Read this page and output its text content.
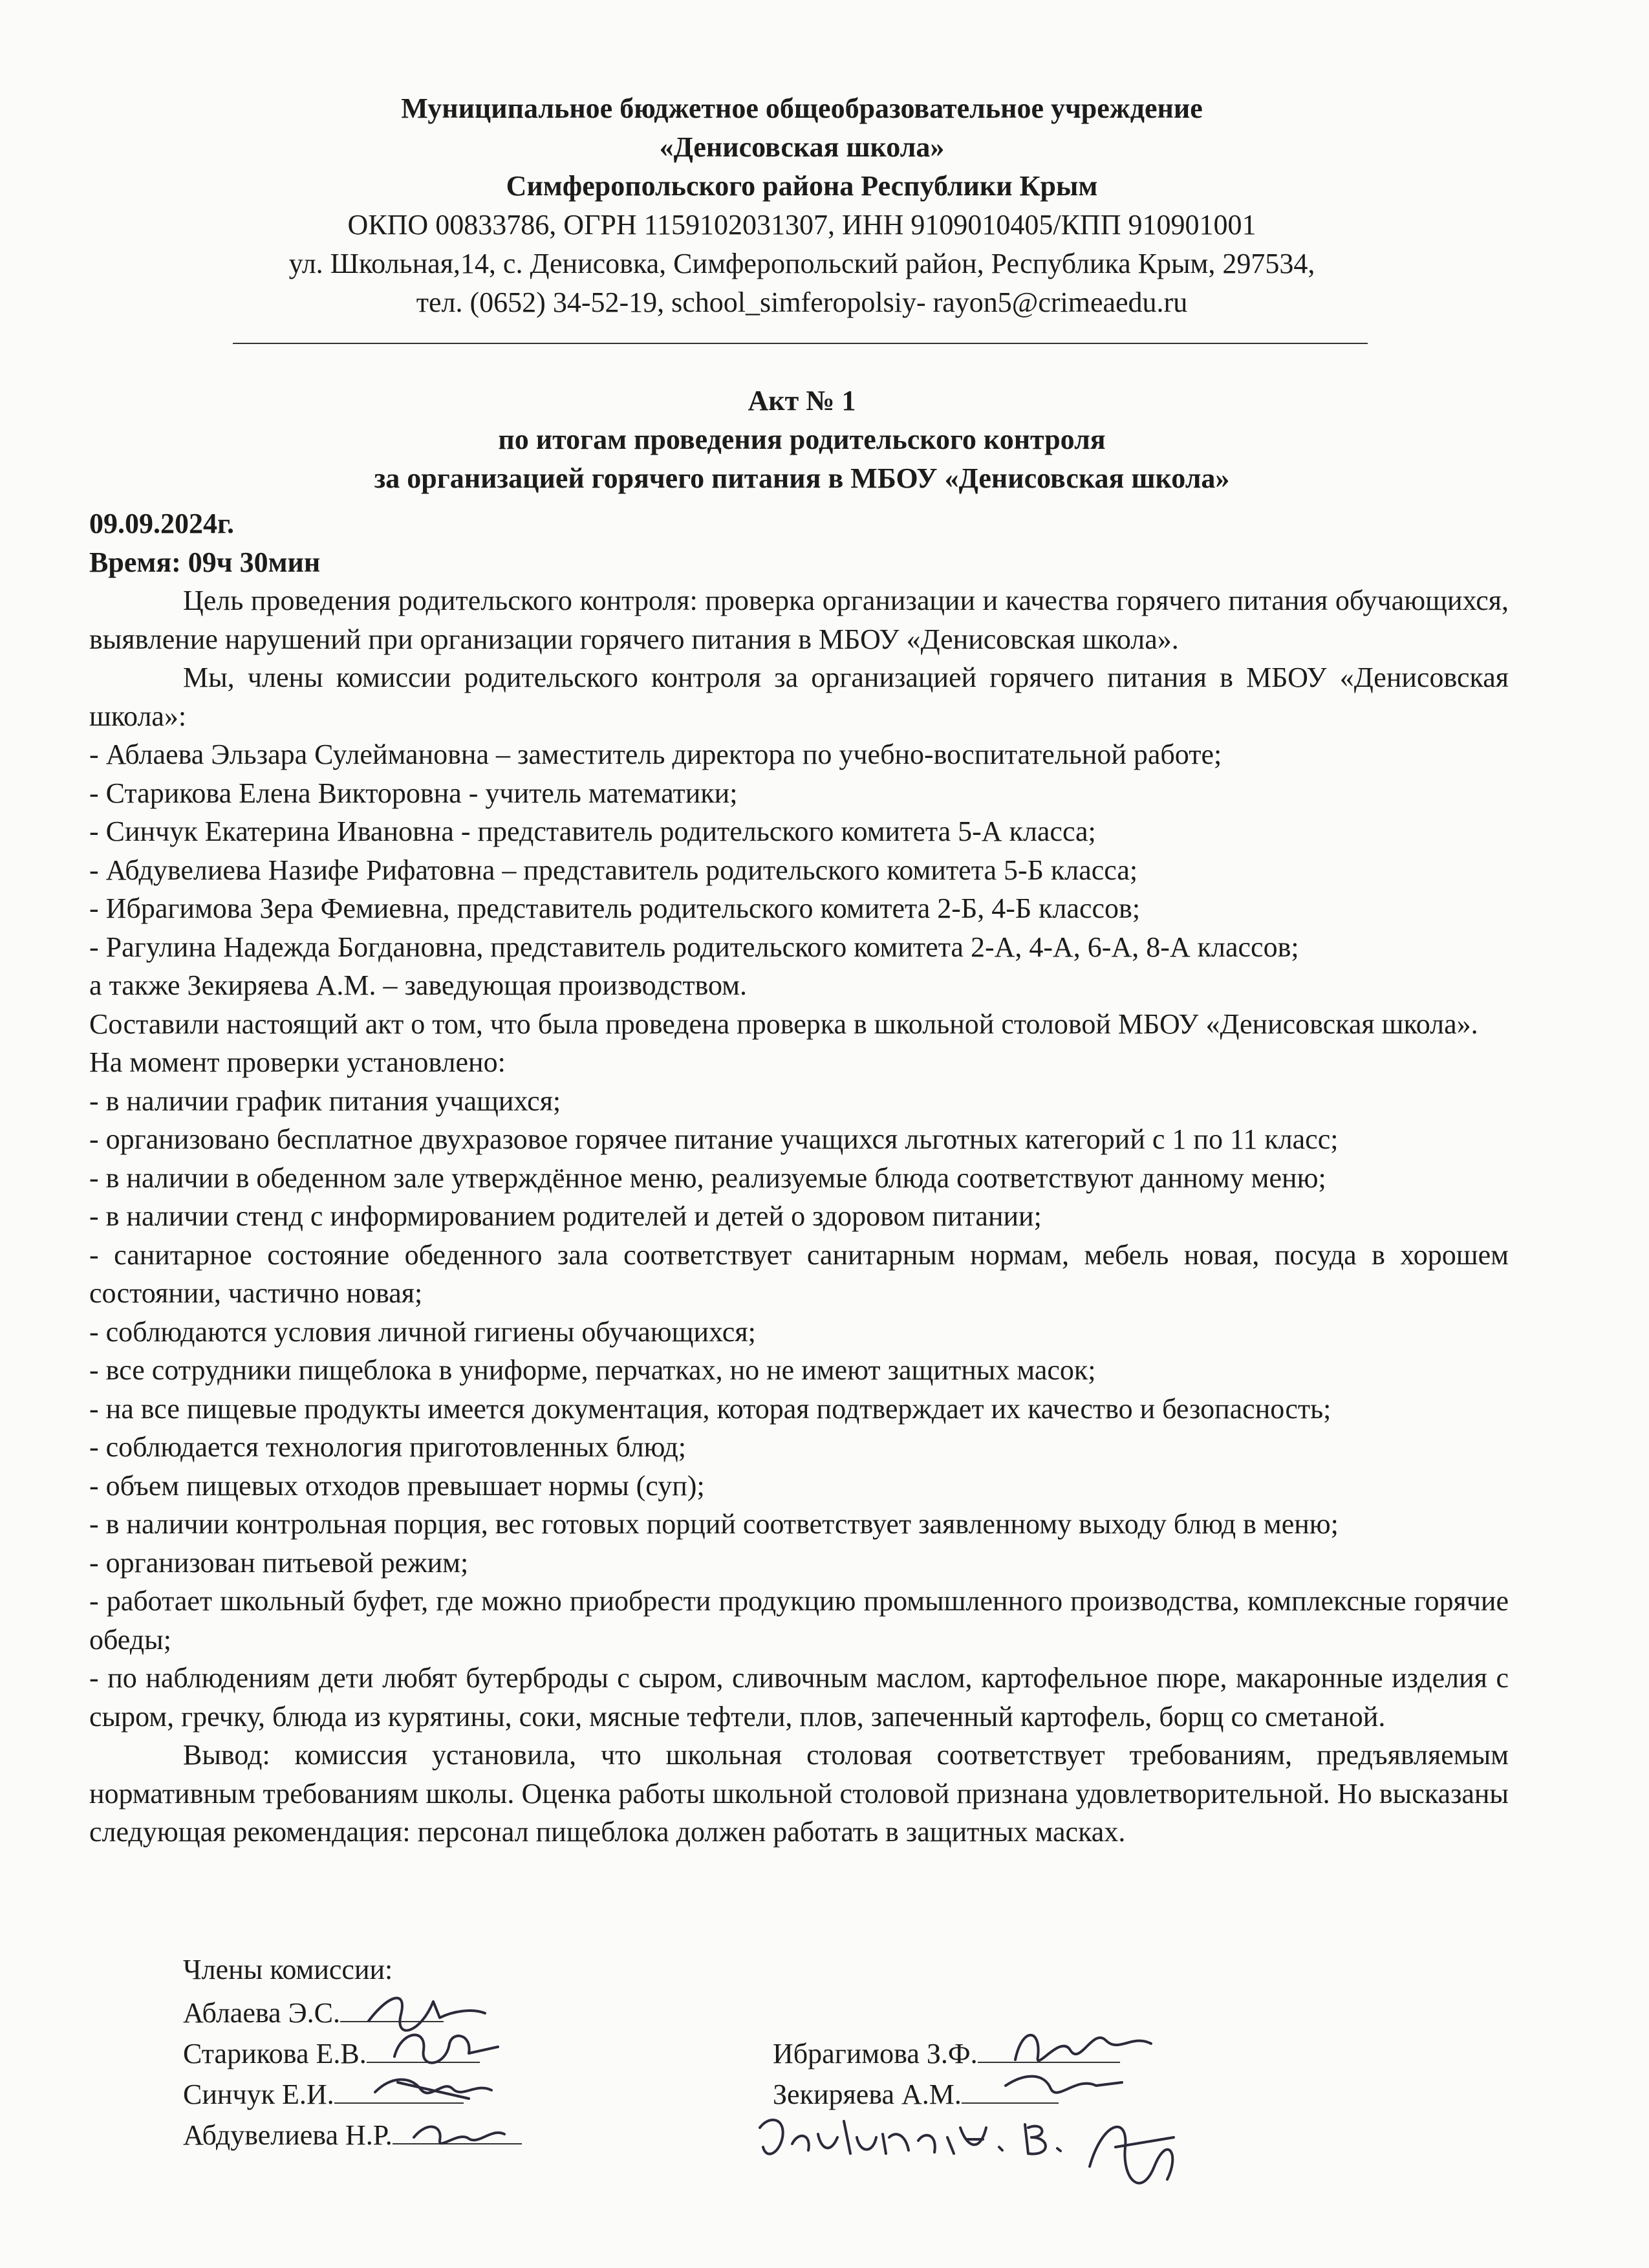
Муниципальное бюджетное общеобразовательное учреждение
«Денисовская школа»
Симферопольского района Республики Крым
ОКПО 00833786, ОГРН 1159102031307, ИНН 9109010405/КПП 910901001
ул. Школьная,14, с. Денисовка, Симферопольский район, Республика Крым, 297534,
тел. (0652) 34-52-19, school_simferopolsiy- rayon5@crimeaedu.ru
Акт № 1
по итогам проведения родительского контроля
за организацией горячего питания в МБОУ «Денисовская школа»
09.09.2024г.
Время: 09ч 30мин
Цель проведения родительского контроля: проверка организации и качества горячего питания обучающихся, выявление нарушений при организации горячего питания в МБОУ «Денисовская школа».
Мы, члены комиссии родительского контроля за организацией горячего питания в МБОУ «Денисовская школа»:
- Аблаева Эльзара Сулеймановна – заместитель директора по учебно-воспитательной работе;
- Старикова Елена Викторовна - учитель математики;
- Синчук Екатерина Ивановна - представитель родительского комитета 5-А класса;
- Абдувелиева Назифе Рифатовна – представитель родительского комитета 5-Б класса;
- Ибрагимова Зера Фемиевна, представитель родительского комитета 2-Б, 4-Б классов;
- Рагулина Надежда Богдановна, представитель родительского комитета 2-А, 4-А, 6-А, 8-А классов;
а также Зекиряева А.М. – заведующая производством.
Составили настоящий акт о том, что была проведена проверка в школьной столовой МБОУ «Денисовская школа».
На момент проверки установлено:
- в наличии график питания учащихся;
- организовано бесплатное двухразовое горячее питание учащихся льготных категорий с 1 по 11 класс;
- в наличии в обеденном зале утверждённое меню, реализуемые блюда соответствуют данному меню;
- в наличии стенд с информированием родителей и детей о здоровом питании;
- санитарное состояние обеденного зала соответствует санитарным нормам, мебель новая, посуда в хорошем состоянии, частично новая;
- соблюдаются условия личной гигиены обучающихся;
- все сотрудники пищеблока в униформе, перчатках, но не имеют защитных масок;
- на все пищевые продукты имеется документация, которая подтверждает их качество и безопасность;
- соблюдается технология приготовленных блюд;
- объем пищевых отходов превышает нормы (суп);
- в наличии контрольная порция, вес готовых порций соответствует заявленному выходу блюд в меню;
- организован питьевой режим;
- работает школьный буфет, где можно приобрести продукцию промышленного производства, комплексные горячие обеды;
- по наблюдениям дети любят бутерброды с сыром, сливочным маслом, картофельное пюре, макаронные изделия с сыром, гречку, блюда из курятины, соки, мясные тефтели, плов, запеченный картофель, борщ со сметаной.
Вывод: комиссия установила, что школьная столовая соответствует требованиям, предъявляемым нормативным требованиям школы. Оценка работы школьной столовой признана удовлетворительной. Но высказаны следующая рекомендация: персонал пищеблока должен работать в защитных масках.
Члены комиссии:
Аблаева Э.С.
Старикова Е.В.
Синчук Е.И.
Абдувелиева Н.Р.
Ибрагимова З.Ф.
Зекиряева А.М.
